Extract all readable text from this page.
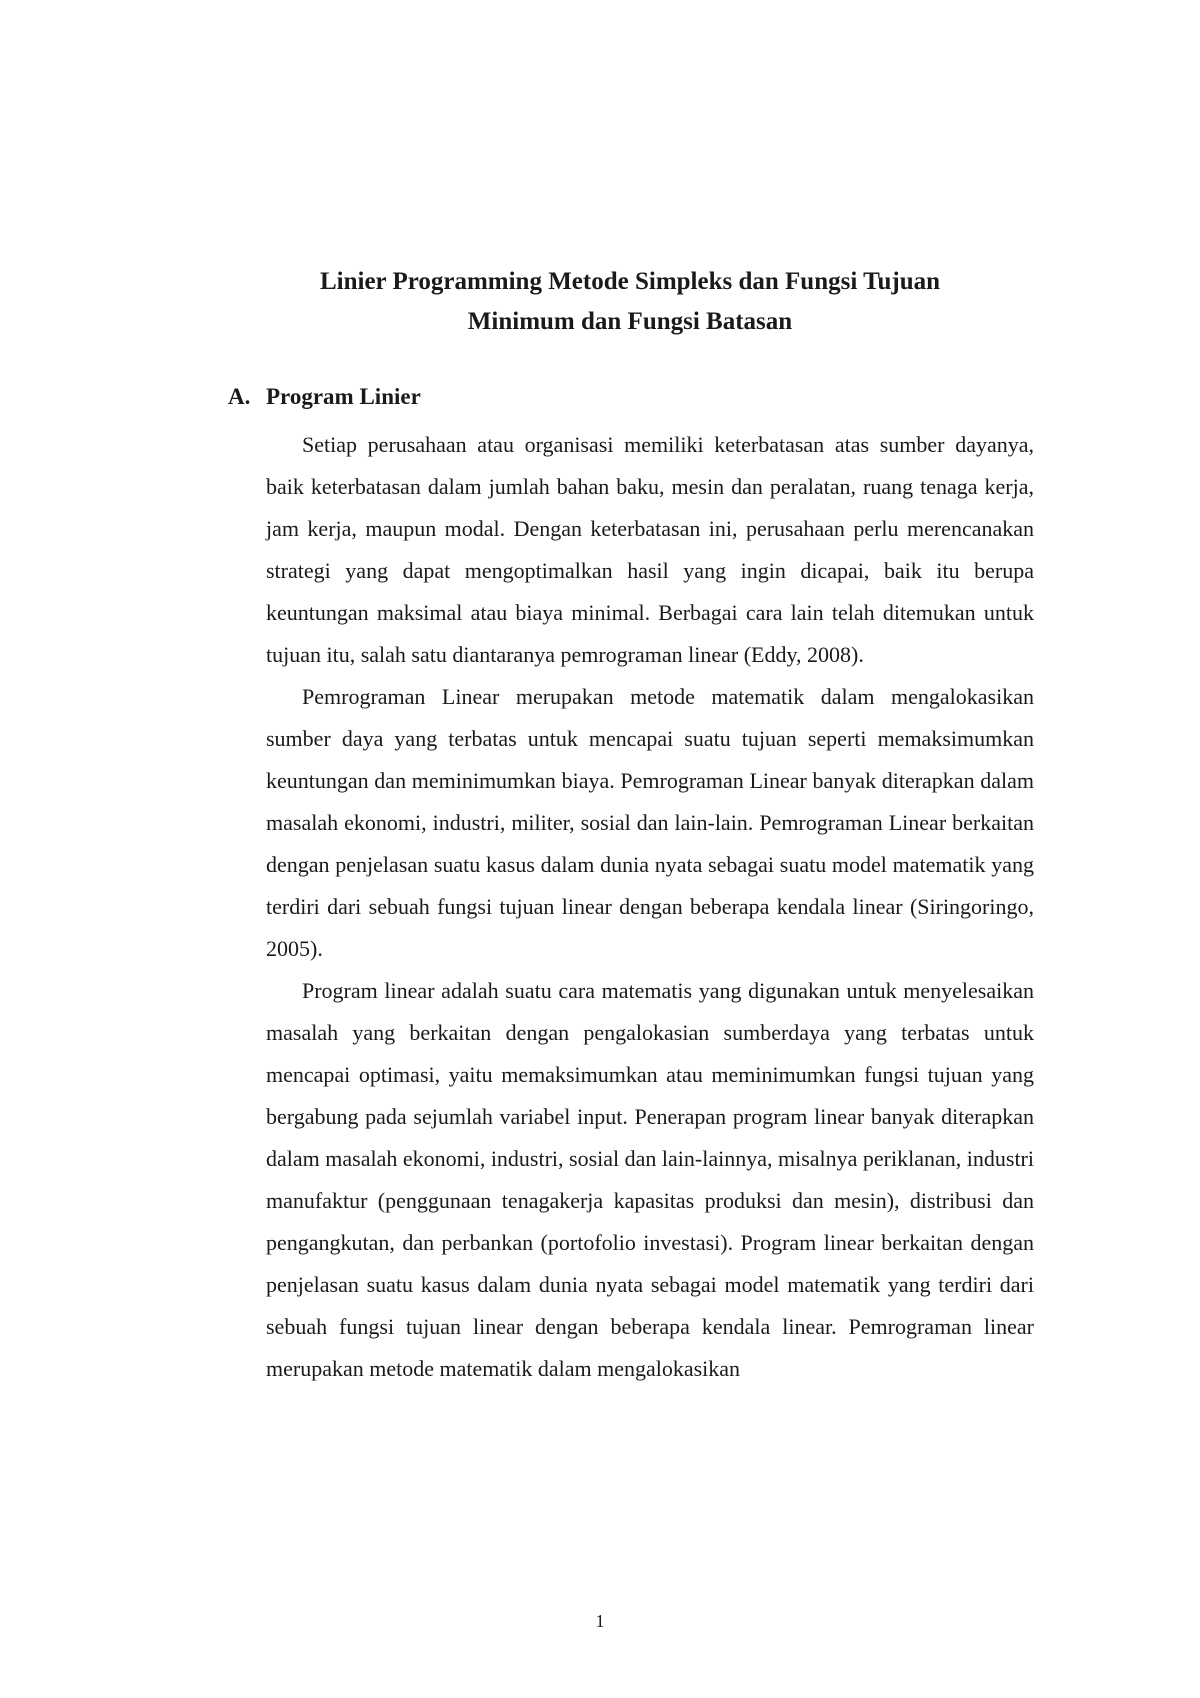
Linier Programming Metode Simpleks dan Fungsi Tujuan
Minimum dan Fungsi Batasan
A. Program Linier

Setiap perusahaan atau organisasi memiliki keterbatasan atas sumber dayanya, baik keterbatasan dalam jumlah bahan baku, mesin dan peralatan, ruang tenaga kerja, jam kerja, maupun modal. Dengan keterbatasan ini, perusahaan perlu merencanakan strategi yang dapat mengoptimalkan hasil yang ingin dicapai, baik itu berupa keuntungan maksimal atau biaya minimal. Berbagai cara lain telah ditemukan untuk tujuan itu, salah satu diantaranya pemrograman linear (Eddy, 2008).

Pemrograman Linear merupakan metode matematik dalam mengalokasikan sumber daya yang terbatas untuk mencapai suatu tujuan seperti memaksimumkan keuntungan dan meminimumkan biaya. Pemrograman Linear banyak diterapkan dalam masalah ekonomi, industri, militer, sosial dan lain-lain. Pemrograman Linear berkaitan dengan penjelasan suatu kasus dalam dunia nyata sebagai suatu model matematik yang terdiri dari sebuah fungsi tujuan linear dengan beberapa kendala linear (Siringoringo, 2005).

Program linear adalah suatu cara matematis yang digunakan untuk menyelesaikan masalah yang berkaitan dengan pengalokasian sumberdaya yang terbatas untuk mencapai optimasi, yaitu memaksimumkan atau meminimumkan fungsi tujuan yang bergabung pada sejumlah variabel input. Penerapan program linear banyak diterapkan dalam masalah ekonomi, industri, sosial dan lain-lainnya, misalnya periklanan, industri manufaktur (penggunaan tenagakerja kapasitas produksi dan mesin), distribusi dan pengangkutan, dan perbankan (portofolio investasi). Program linear berkaitan dengan penjelasan suatu kasus dalam dunia nyata sebagai model matematik yang terdiri dari sebuah fungsi tujuan linear dengan beberapa kendala linear. Pemrograman linear merupakan metode matematik dalam mengalokasikan

1
